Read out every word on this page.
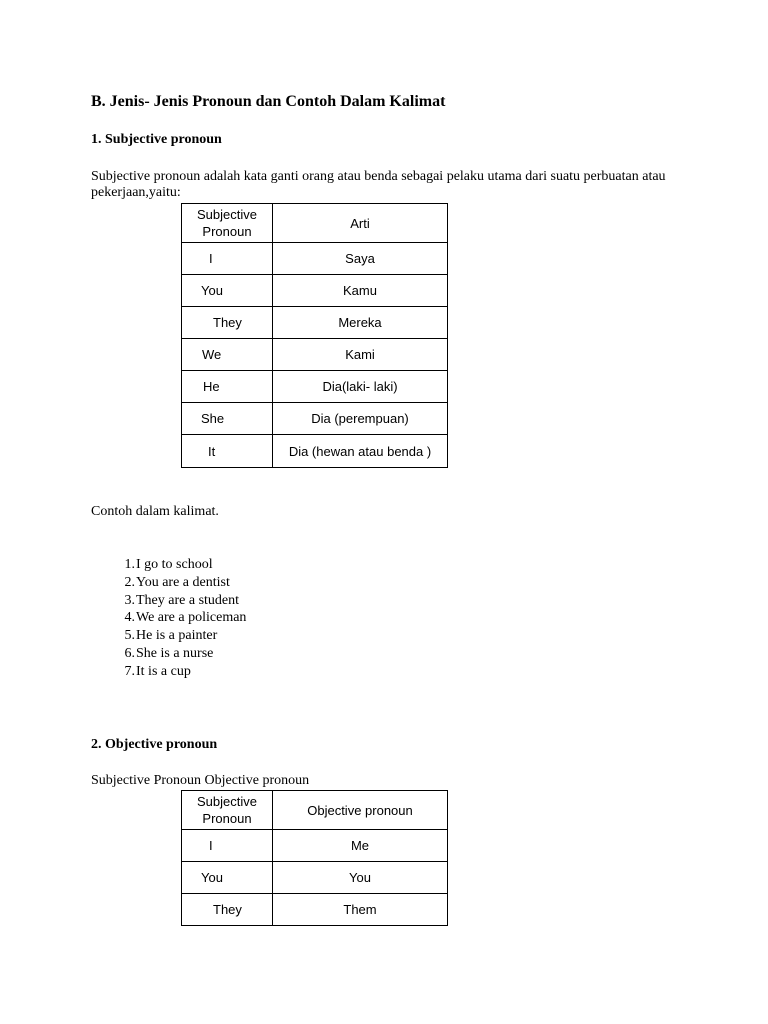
B. Jenis- Jenis Pronoun dan Contoh Dalam Kalimat
1. Subjective pronoun
Subjective pronoun adalah kata ganti orang atau benda sebagai pelaku utama dari suatu perbuatan atau pekerjaan,yaitu:
Subjective Pronoun	Arti
I	Saya
You	Kamu
They	Mereka
We	Kami
He	Dia(laki- laki)
She	Dia (perempuan)
It	Dia (hewan atau benda )
Contoh dalam kalimat.
1.I go to school
2.You are a dentist
3.They are a student
4.We are a policeman
5.He is a painter
6.She is a nurse
7.It is a cup
2. Objective pronoun
Subjective Pronoun Objective pronoun
Subjective Pronoun	Objective pronoun
I	Me
You	You
They	Them
